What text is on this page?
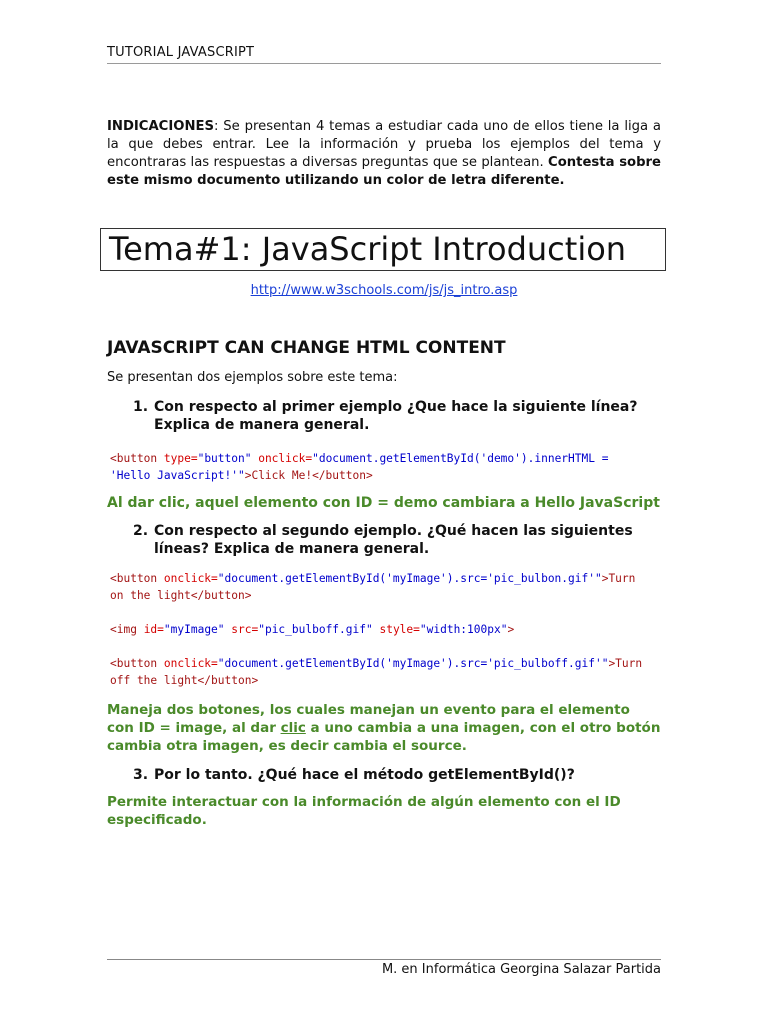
TUTORIAL JAVASCRIPT
INDICACIONES: Se presentan 4 temas a estudiar cada uno de ellos tiene la liga a la que debes entrar. Lee la información y prueba los ejemplos del tema y encontraras las respuestas a diversas preguntas que se plantean. Contesta sobre este mismo documento utilizando un color de letra diferente.
Tema#1: JavaScript Introduction
http://www.w3schools.com/js/js_intro.asp
JAVASCRIPT CAN CHANGE HTML CONTENT
Se presentan dos ejemplos sobre este tema:
1. Con respecto al primer ejemplo ¿Que hace la siguiente línea? Explica de manera general.
<button type="button" onclick="document.getElementById('demo').innerHTML =
'Hello JavaScript!'">Click Me!</button>
Al dar clic, aquel elemento con ID = demo cambiara a Hello JavaScript
2. Con respecto al segundo ejemplo. ¿Qué hacen las siguientes líneas? Explica de manera general.
<button onclick="document.getElementById('myImage').src='pic_bulbon.gif'">Turn
on the light</button>

<img id="myImage" src="pic_bulboff.gif" style="width:100px">

<button onclick="document.getElementById('myImage').src='pic_bulboff.gif'">Turn
off the light</button>
Maneja dos botones, los cuales manejan un evento para el elemento con ID = image, al dar clic a uno cambia a una imagen, con el otro botón cambia otra imagen, es decir cambia el source.
3. Por lo tanto. ¿Qué hace el método getElementById()?
Permite interactuar con la información de algún elemento con el ID especificado.
M. en Informática Georgina Salazar Partida
